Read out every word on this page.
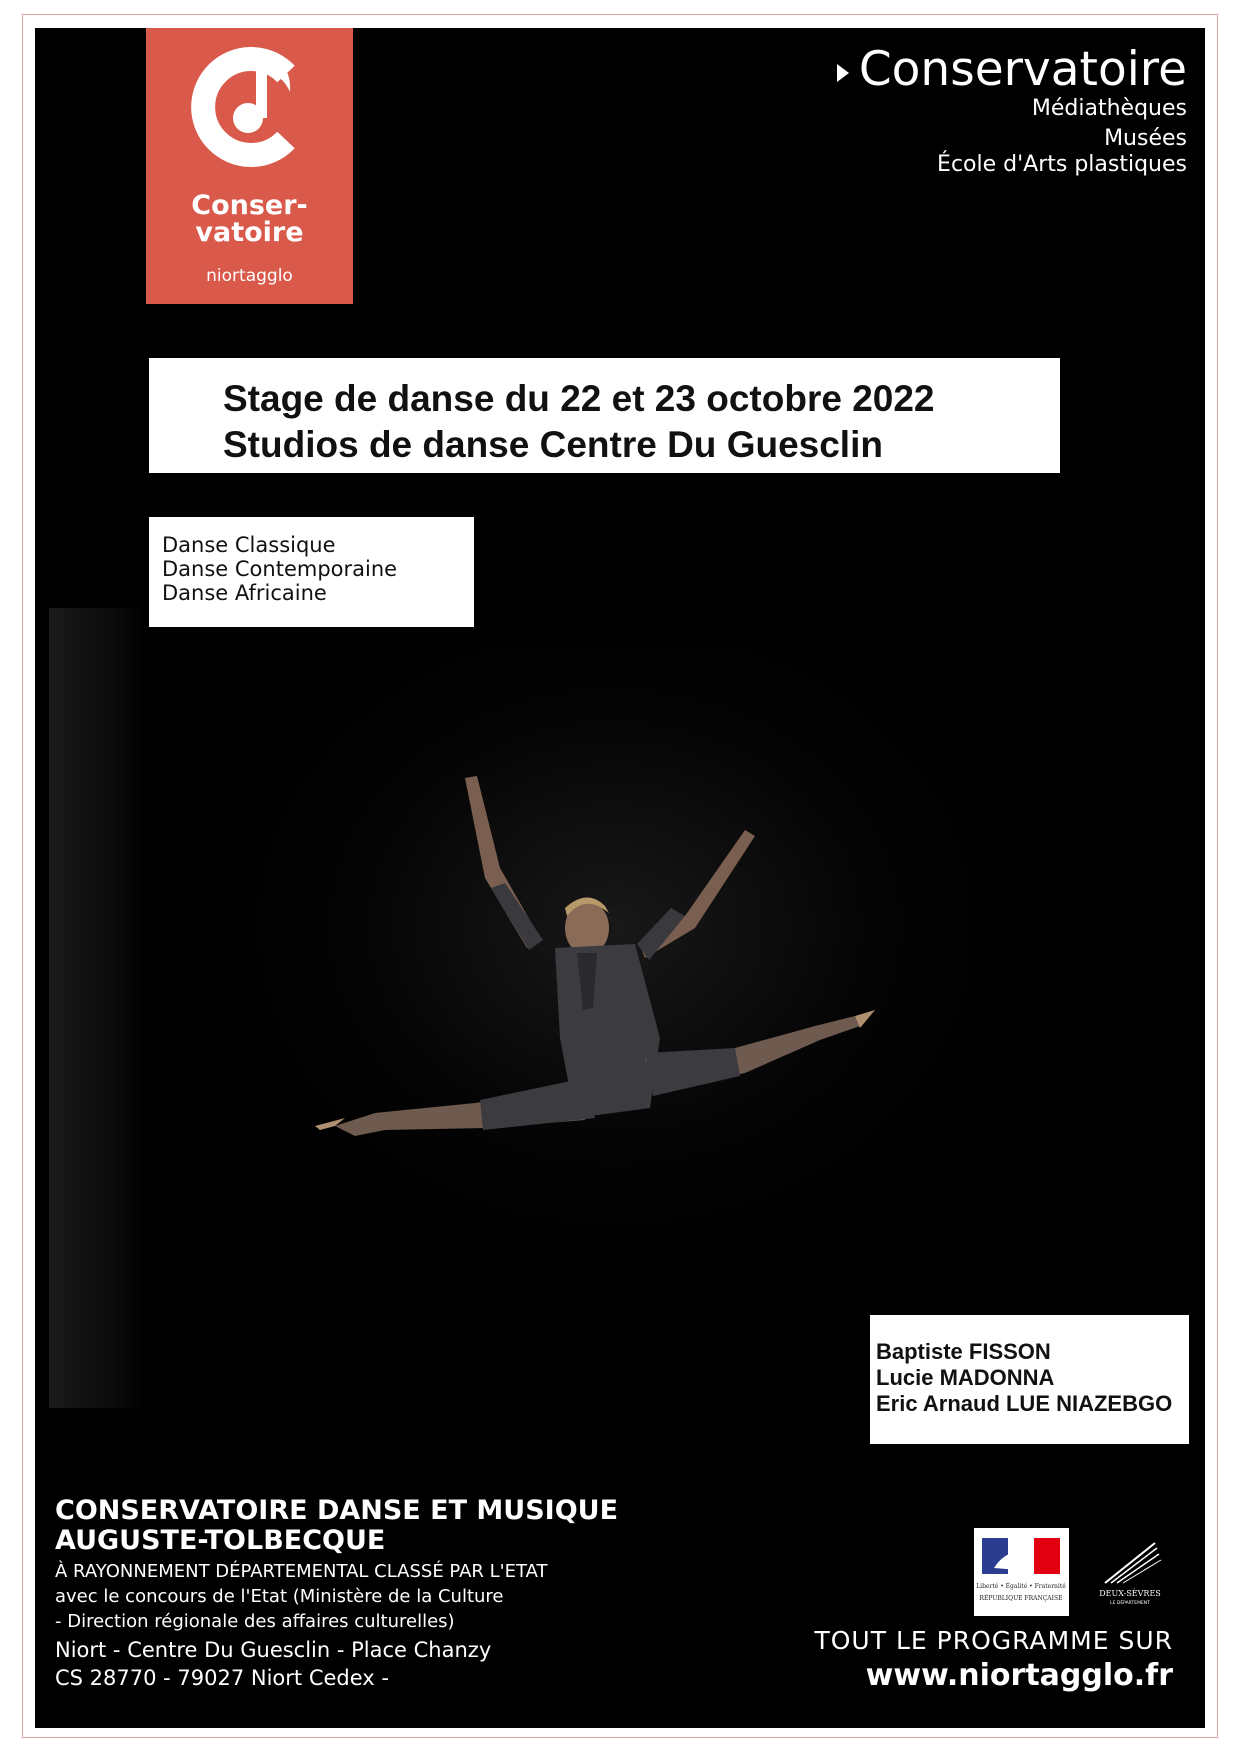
Conser-
vatoire
niortagglo
Conservatoire
Médiathèques
Musées
École d'Arts plastiques
Stage de danse du 22 et 23 octobre 2022
Studios de danse Centre Du Guesclin
Danse Classique
Danse Contemporaine
Danse Africaine
Baptiste FISSON
Lucie MADONNA
Eric Arnaud LUE NIAZEBGO
CONSERVATOIRE DANSE ET MUSIQUE
AUGUSTE-TOLBECQUE
À RAYONNEMENT DÉPARTEMENTAL CLASSÉ PAR L'ETAT
avec le concours de l'Etat (Ministère de la Culture
- Direction régionale des affaires culturelles)
Niort - Centre Du Guesclin - Place Chanzy
CS 28770 - 79027 Niort Cedex -
Liberté • Égalité • Fraternité
RÉPUBLIQUE FRANÇAISE
DEUX-SÈVRES
LE DÉPARTEMENT
TOUT LE PROGRAMME SUR
www.niortagglo.fr
